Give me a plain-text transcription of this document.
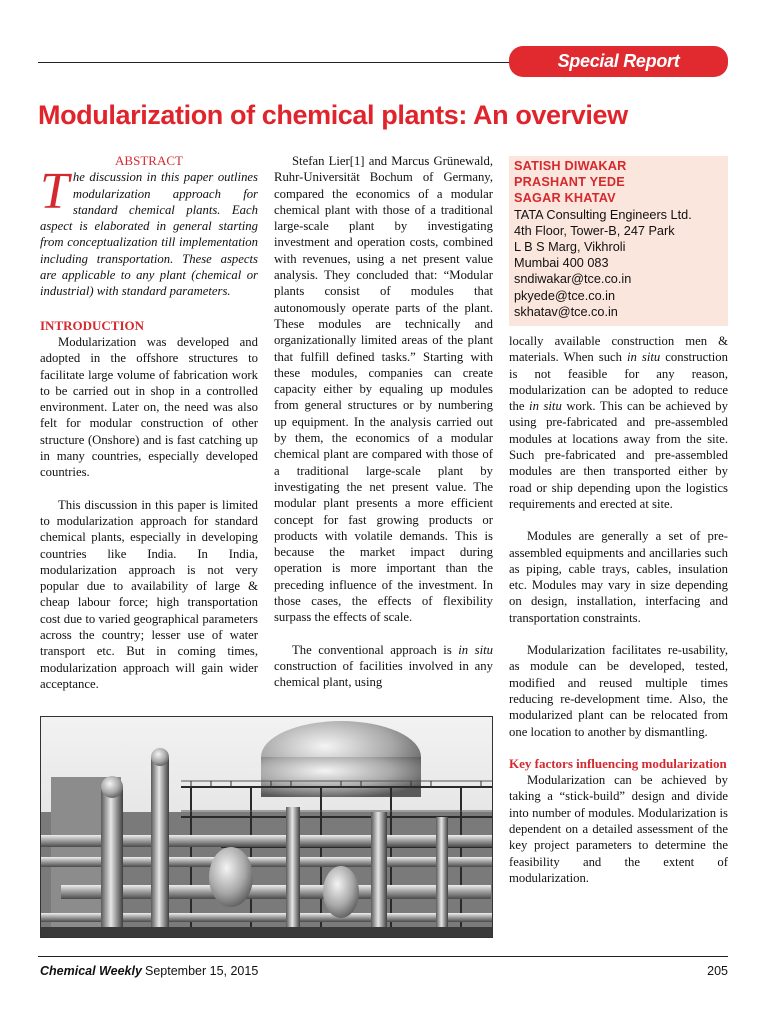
Special Report
Modularization of chemical plants: An overview

ABSTRACT

The discussion in this paper outlines modularization approach for standard chemical plants. Each aspect is elaborated in general starting from conceptualization till implementation including transportation. These aspects are applicable to any plant (chemical or industrial) with standard parameters.

INTRODUCTION

Modularization was developed and adopted in the offshore structures to facilitate large volume of fabrication work to be carried out in shop in a controlled environment. Later on, the need was also felt for modular construction of other structure (Onshore) and is fast catching up in many countries, especially developed countries.

This discussion in this paper is limited to modularization approach for standard chemical plants, especially in developing countries like India. In India, modularization approach is not very popular due to availability of large & cheap labour force; high transportation cost due to varied geographical parameters across the country; lesser use of water transport etc. But in coming times, modularization approach will gain wider acceptance.

Stefan Lier[1] and Marcus Grünewald, Ruhr-Universität Bochum of Germany, compared the economics of a modular chemical plant with those of a traditional large-scale plant by investigating investment and operation costs, combined with revenues, using a net present value analysis. They concluded that: “Modular plants consist of modules that autonomously operate parts of the plant. These modules are technically and organizationally limited areas of the plant that fulfill defined tasks.” Starting with these modules, companies can create capacity either by equaling up modules from general structures or by numbering up equipment. In the analysis carried out by them, the economics of a modular chemical plant are compared with those of a traditional large-scale plant by investigating the net present value. The modular plant presents a more efficient concept for fast growing products or products with volatile demands. This is because the market impact during operation is more important than the preceding influence of the investment. In those cases, the effects of flexibility surpass the effects of scale.

The conventional approach is in situ construction of facilities involved in any chemical plant, using

SATISH DIWAKAR
PRASHANT YEDE
SAGAR KHATAV
TATA Consulting Engineers Ltd.
4th Floor, Tower-B, 247 Park
L B S Marg, Vikhroli
Mumbai 400 083
sndiwakar@tce.co.in
pkyede@tce.co.in
skhatav@tce.co.in

locally available construction men & materials. When such in situ construction is not feasible for any reason, modularization can be adopted to reduce the in situ work. This can be achieved by using pre-fabricated and pre-assembled modules at locations away from the site. Such pre-fabricated and pre-assembled modules are then transported either by road or ship depending upon the logistics requirements and erected at site.

Modules are generally a set of pre-assembled equipments and ancillaries such as piping, cable trays, cables, insulation etc. Modules may vary in size depending on design, installation, interfacing and transportation constraints.

Modularization facilitates re-usability, as module can be developed, tested, modified and reused multiple times reducing re-development time. Also, the modularized plant can be relocated from one location to another by dismantling.

Key factors influencing modularization

Modularization can be achieved by taking a “stick-build” design and divide into number of modules. Modularization is dependent on a detailed assessment of the key project parameters to determine the feasibility and the extent of modularization.

Chemical Weekly September 15, 2015	205
